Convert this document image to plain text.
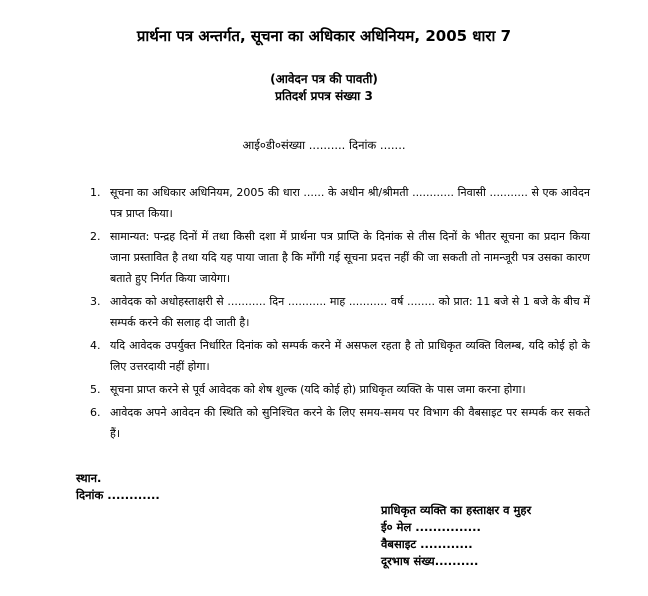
प्रार्थना पत्र अन्तर्गत, सूचना का अधिकार अधिनियम, 2005 धारा 7
(आवेदन पत्र की पावती)
प्रतिदर्श प्रपत्र संख्या 3
आई०डी०संख्या .......... दिनांक .......
1. सूचना का अधिकार अधिनियम, 2005 की धारा ...... के अधीन श्री/श्रीमती ............ निवासी ........... से एक आवेदन पत्र प्राप्त किया।
2. सामान्यत: पन्द्रह दिनों में तथा किसी दशा में प्रार्थना पत्र प्राप्ति के दिनांक से तीस दिनों के भीतर सूचना का प्रदान किया जाना प्रस्तावित है तथा यदि यह पाया जाता है कि माँगी गई सूचना प्रदत्त नहीं की जा सकती तो नामन्जूरी पत्र उसका कारण बताते हुए निर्गत किया जायेगा।
3. आवेदक को अधोहस्ताक्षरी से ........... दिन ........... माह ........... वर्ष ........ को प्रात: 11 बजे से 1 बजे के बीच में सम्पर्क करने की सलाह दी जाती है।
4. यदि आवेदक उपर्युक्त निर्धारित दिनांक को सम्पर्क करने में असफल रहता है तो प्राधिकृत व्यक्ति विलम्ब, यदि कोई हो के लिए उत्तरदायी नहीं होगा।
5. सूचना प्राप्त करने से पूर्व आवेदक को शेष शुल्क (यदि कोई हो) प्राधिकृत व्यक्ति के पास जमा करना होगा।
6. आवेदक अपने आवेदन की स्थिति को सुनिश्चित करने के लिए समय-समय पर विभाग की वैबसाइट पर सम्पर्क कर सकते हैं।
स्थान.
दिनांक ............
प्राधिकृत व्यक्ति का हस्ताक्षर व मुहर
ई० मेल ...............
वैबसाइट ............
दूरभाष संख्य..........
